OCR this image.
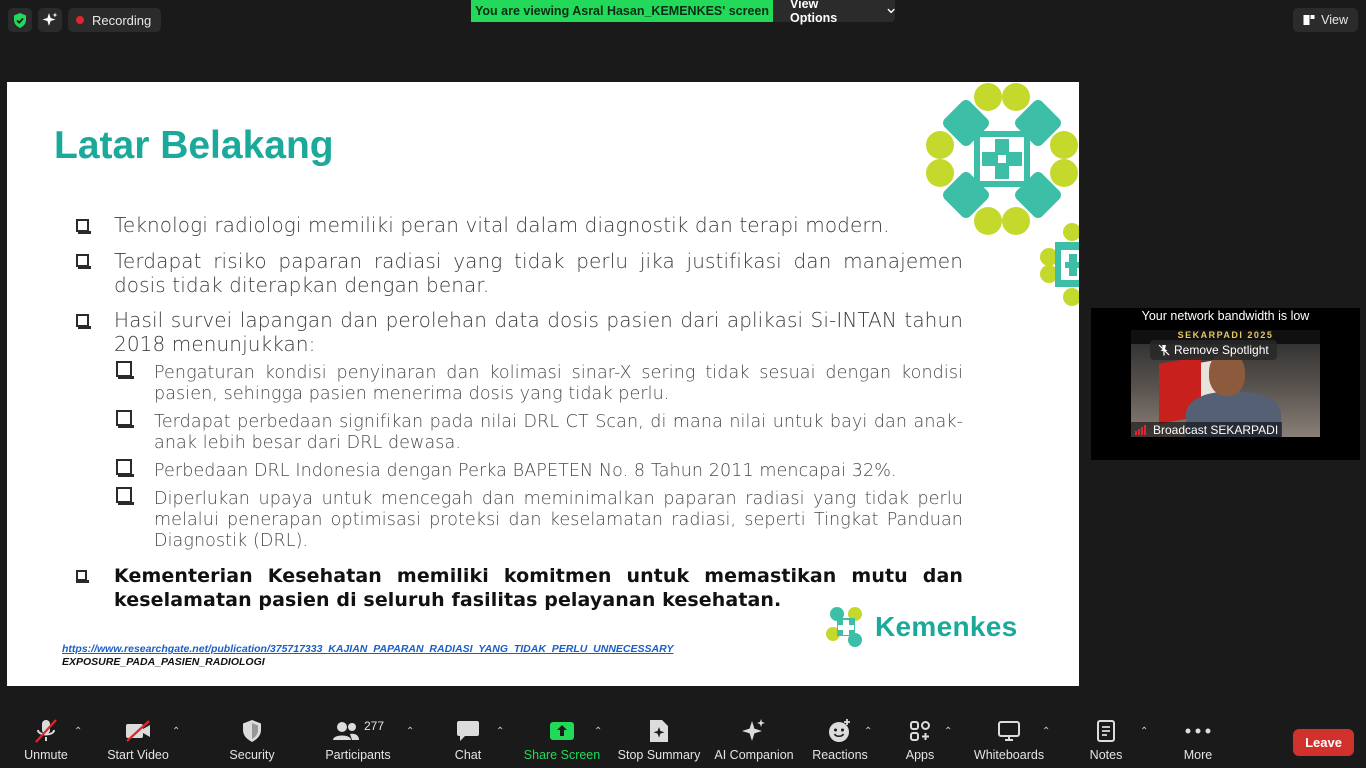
Recording
You are viewing Asral Hasan_KEMENKES' screen	View Options	View
Latar Belakang
Teknologi radiologi memiliki peran vital dalam diagnostik dan terapi modern.
Terdapat risiko paparan radiasi yang tidak perlu jika justifikasi dan manajemen dosis tidak diterapkan dengan benar.
Hasil survei lapangan dan perolehan data dosis pasien dari aplikasi Si-INTAN tahun 2018 menunjukkan:
Pengaturan kondisi penyinaran dan kolimasi sinar-X sering tidak sesuai dengan kondisi pasien, sehingga pasien menerima dosis yang tidak perlu.
Terdapat perbedaan signifikan pada nilai DRL CT Scan, di mana nilai untuk bayi dan anak-anak lebih besar dari DRL dewasa.
Perbedaan DRL Indonesia dengan Perka BAPETEN No. 8 Tahun 2011 mencapai 32%.
Diperlukan upaya untuk mencegah dan meminimalkan paparan radiasi yang tidak perlu melalui penerapan optimisasi proteksi dan keselamatan radiasi, seperti Tingkat Panduan Diagnostik (DRL).
Kementerian Kesehatan memiliki komitmen untuk memastikan mutu dan keselamatan pasien di seluruh fasilitas pelayanan kesehatan.
https://www.researchgate.net/publication/375717333_KAJIAN_PAPARAN_RADIASI_YANG_TIDAK_PERLU_UNNECESSARY
EXPOSURE_PADA_PASIEN_RADIOLOGI
Kemenkes
Your network bandwidth is low
SEKARPADI 2025
Remove Spotlight
Broadcast SEKARPADI
Unmute
⌃
Start Video
⌃
Security
277
Participants
⌃
Chat
⌃
Share Screen
⌃
Stop Summary AI Companion Reactions
⌃
Apps
⌃
Whiteboards
⌃
Notes
⌃
More
Leave
